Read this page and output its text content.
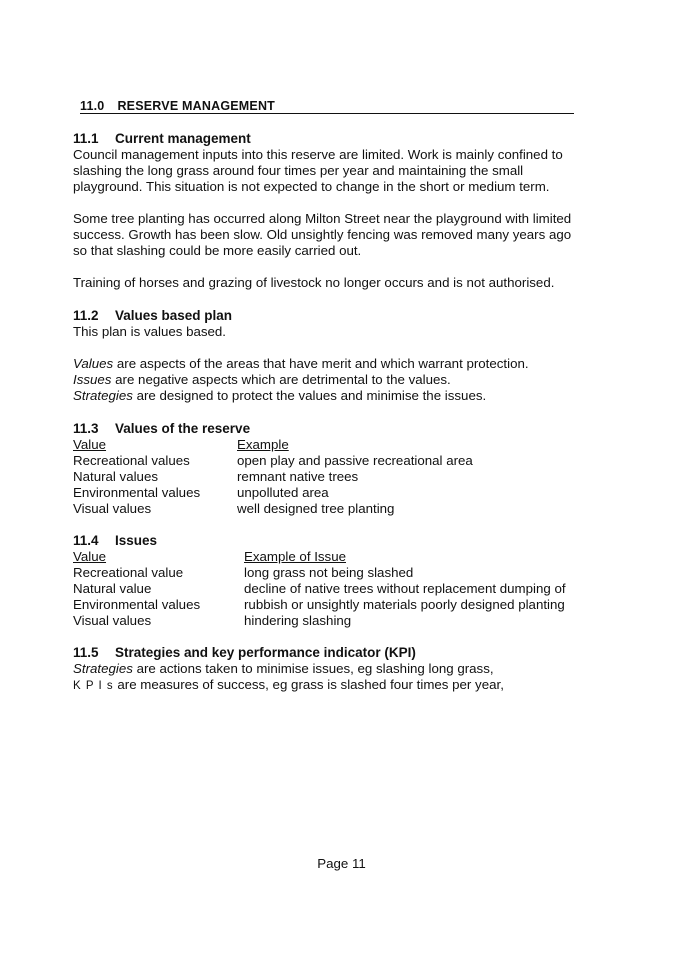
11.0 RESERVE MANAGEMENT
11.1 Current management

Council management inputs into this reserve are limited. Work is mainly confined to
slashing the long grass around four times per year and maintaining the small
playground. This situation is not expected to change in the short or medium term.

Some tree planting has occurred along Milton Street near the playground with limited
success. Growth has been slow. Old unsightly fencing was removed many years ago
so that slashing could be more easily carried out.

Training of horses and grazing of livestock no longer occurs and is not authorised.

11.2 Values based plan

This plan is values based.

Values are aspects of the areas that have merit and which warrant protection.

Issues are negative aspects which are detrimental to the values.

Strategies are designed to protect the values and minimise the issues.

11.3 Values of the reserve
Value	Example
Recreational values	open play and passive recreational area
Natural values	remnant native trees
Environmental values	unpolluted area
Visual values	well designed tree planting
11.4 Issues
Value	Example of Issue
Recreational value	long grass not being slashed
Natural value	decline of native trees without replacement dumping of
Environmental values	rubbish or unsightly materials poorly designed planting
Visual values	hindering slashing
11.5 Strategies and key performance indicator (KPI)

Strategies are actions taken to minimise issues, eg slashing long grass,

K P I s are measures of success, eg grass is slashed four times per year,

Page 11
